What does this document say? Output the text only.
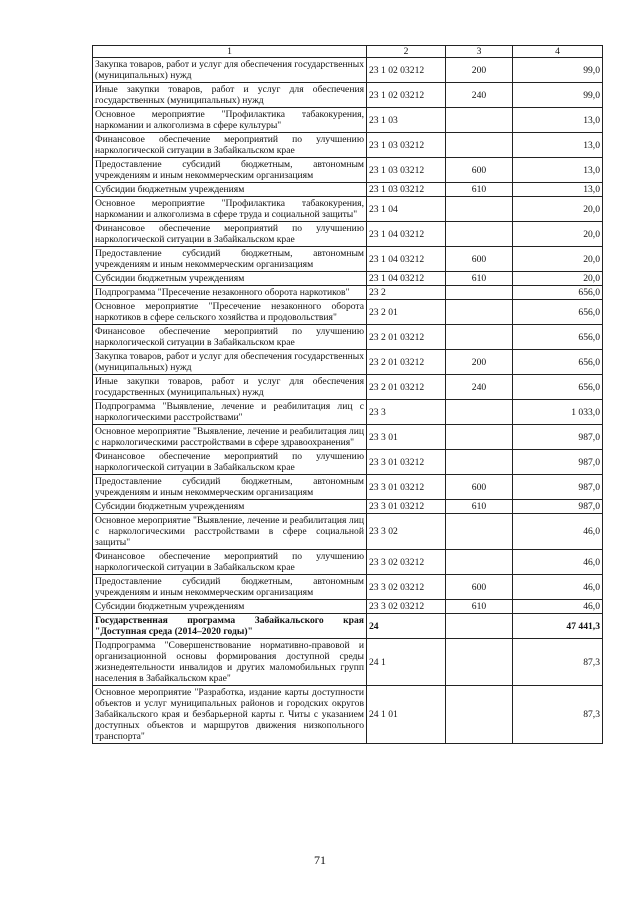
1	2	3	4
Закупка товаров, работ и услуг для обеспечения государственных (муниципальных) нужд	23 1 02 03212	200	99,0
Иные закупки товаров, работ и услуг для обеспечения государственных (муниципальных) нужд	23 1 02 03212	240	99,0
Основное мероприятие "Профилактика табакокурения, наркомании и алкоголизма в сфере культуры"	23 1 03		13,0
Финансовое обеспечение мероприятий по улучшению наркологической ситуации в Забайкальском крае	23 1 03 03212		13,0
Предоставление субсидий бюджетным, автономным учреждениям и иным некоммерческим организациям	23 1 03 03212	600	13,0
Субсидии бюджетным учреждениям	23 1 03 03212	610	13,0
Основное мероприятие "Профилактика табакокурения, наркомании и алкоголизма в сфере труда и социальной защиты"	23 1 04		20,0
Финансовое обеспечение мероприятий по улучшению наркологической ситуации в Забайкальском крае	23 1 04 03212		20,0
Предоставление субсидий бюджетным, автономным учреждениям и иным некоммерческим организациям	23 1 04 03212	600	20,0
Субсидии бюджетным учреждениям	23 1 04 03212	610	20,0
Подпрограмма "Пресечение незаконного оборота наркотиков"	23 2		656,0
Основное мероприятие "Пресечение незаконного оборота наркотиков в сфере сельского хозяйства и продовольствия"	23 2 01		656,0
Финансовое обеспечение мероприятий по улучшению наркологической ситуации в Забайкальском крае	23 2 01 03212		656,0
Закупка товаров, работ и услуг для обеспечения государственных (муниципальных) нужд	23 2 01 03212	200	656,0
Иные закупки товаров, работ и услуг для обеспечения государственных (муниципальных) нужд	23 2 01 03212	240	656,0
Подпрограмма "Выявление, лечение и реабилитация лиц с наркологическими расстройствами"	23 3		1 033,0
Основное мероприятие "Выявление, лечение и реабилитация лиц с наркологическими расстройствами в сфере здравоохранения"	23 3 01		987,0
Финансовое обеспечение мероприятий по улучшению наркологической ситуации в Забайкальском крае	23 3 01 03212		987,0
Предоставление субсидий бюджетным, автономным учреждениям и иным некоммерческим организациям	23 3 01 03212	600	987,0
Субсидии бюджетным учреждениям	23 3 01 03212	610	987,0
Основное мероприятие "Выявление, лечение и реабилитация лиц с наркологическими расстройствами в сфере социальной защиты"	23 3 02		46,0
Финансовое обеспечение мероприятий по улучшению наркологической ситуации в Забайкальском крае	23 3 02 03212		46,0
Предоставление субсидий бюджетным, автономным учреждениям и иным некоммерческим организациям	23 3 02 03212	600	46,0
Субсидии бюджетным учреждениям	23 3 02 03212	610	46,0
Государственная программа Забайкальского края "Доступная среда (2014–2020 годы)"	24		47 441,3
Подпрограмма "Совершенствование нормативно-правовой и организационной основы формирования доступной среды жизнедеятельности инвалидов и других маломобильных групп населения в Забайкальском крае"	24 1		87,3
Основное мероприятие "Разработка, издание карты доступности объектов и услуг муниципальных районов и городских округов Забайкальского края и безбарьерной карты г. Читы с указанием доступных объектов и маршрутов движения низкопольного транспорта"	24 1 01		87,3
71
